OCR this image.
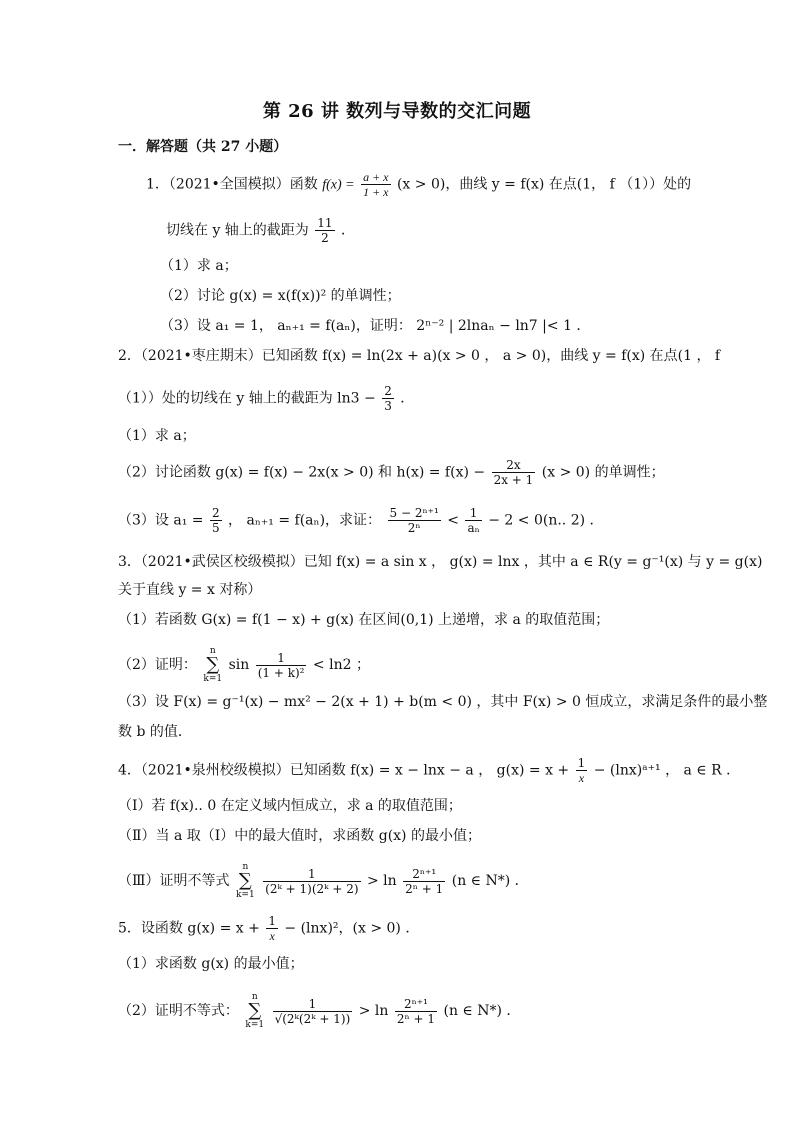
第 26 讲 数列与导数的交汇问题
一．解答题（共 27 小题）
1．（2021•全国模拟）函数 $f(x) = \frac{a + x}{1 + x} (x > 0)$，曲线 y = f(x) 在点(1， f （1））处的
切线在 y 轴上的截距为 $\frac{11}{2}$ ．
（1）求 a；
（2）讨论 g(x) = x(f(x))² 的单调性；
（3）设 a₁ = 1， aₙ₊₁ = f(aₙ)，证明： 2ⁿ⁻² | 2lnaₙ − ln7 |< 1 ．
2．（2021•枣庄期末）已知函数 f(x) = ln(2x + a)(x > 0 ， a > 0)，曲线 y = f(x) 在点(1 ， f
（1））处的切线在 y 轴上的截距为 $\ln 3 - \frac{2}{3}$ ．
（1）求 a；
（2）讨论函数 g(x) = f(x) − 2x(x > 0) 和 $h(x) = f(x) - \frac{2x}{2x + 1} (x > 0)$ 的单调性；
（3）设 $a_1 = \frac{2}{5}$ ， aₙ₊₁ = f(aₙ)，求证： $\frac{\text{5 − 2ⁿ⁺¹}}{\text{2ⁿ}} < \frac{1}{\text{aₙ}} - 2 < 0(n$.. 2) ．
3．（2021•武侯区校级模拟）已知 f(x) = a sin x ， g(x) = lnx ，其中 a ∈ R(y = g⁻¹(x) 与 y = g(x)
关于直线 y = x 对称）
（1）若函数 G(x) = f(1 − x) + g(x) 在区间(0,1) 上递增，求 a 的取值范围；
（2）证明： n
∑
k=1 $\sin \frac{1}{\text{(1 + k)²}} < \ln 2$ ；
（3）设 F(x) = g⁻¹(x) − mx² − 2(x + 1) + b(m < 0) ，其中 F(x) > 0 恒成立，求满足条件的最小整
数 b 的值．
4．（2021•泉州校级模拟）已知函数 f(x) = x − lnx − a ， $g(x) = x + \frac{1}{x}$ − (lnx)ᵃ⁺¹ ， a ∈ R ．
（Ⅰ）若 f(x).. 0 在定义域内恒成立，求 a 的取值范围；
（Ⅱ）当 a 取（Ⅰ）中的最大值时，求函数 g(x) 的最小值；
（Ⅲ）证明不等式 n
∑
$k=1 \frac{1}{\text{(2ᵏ + 1)(2ᵏ + 2)}} > \ln \frac{\text{2ⁿ⁺¹}}{\text{2ⁿ + 1}} (n$ ∈ N*) ．
5．设函数 $g(x) = x + \frac{1}{x} - (\ln x)^2$，(x > 0) ．
（1）求函数 g(x) 的最小值；
（2）证明不等式： n
∑
$k=1 \frac{1}{\text{√(2ᵏ(2ᵏ + 1))}} > \ln \frac{\text{2ⁿ⁺¹}}{\text{2ⁿ + 1}} (n$ ∈ N*) ．
